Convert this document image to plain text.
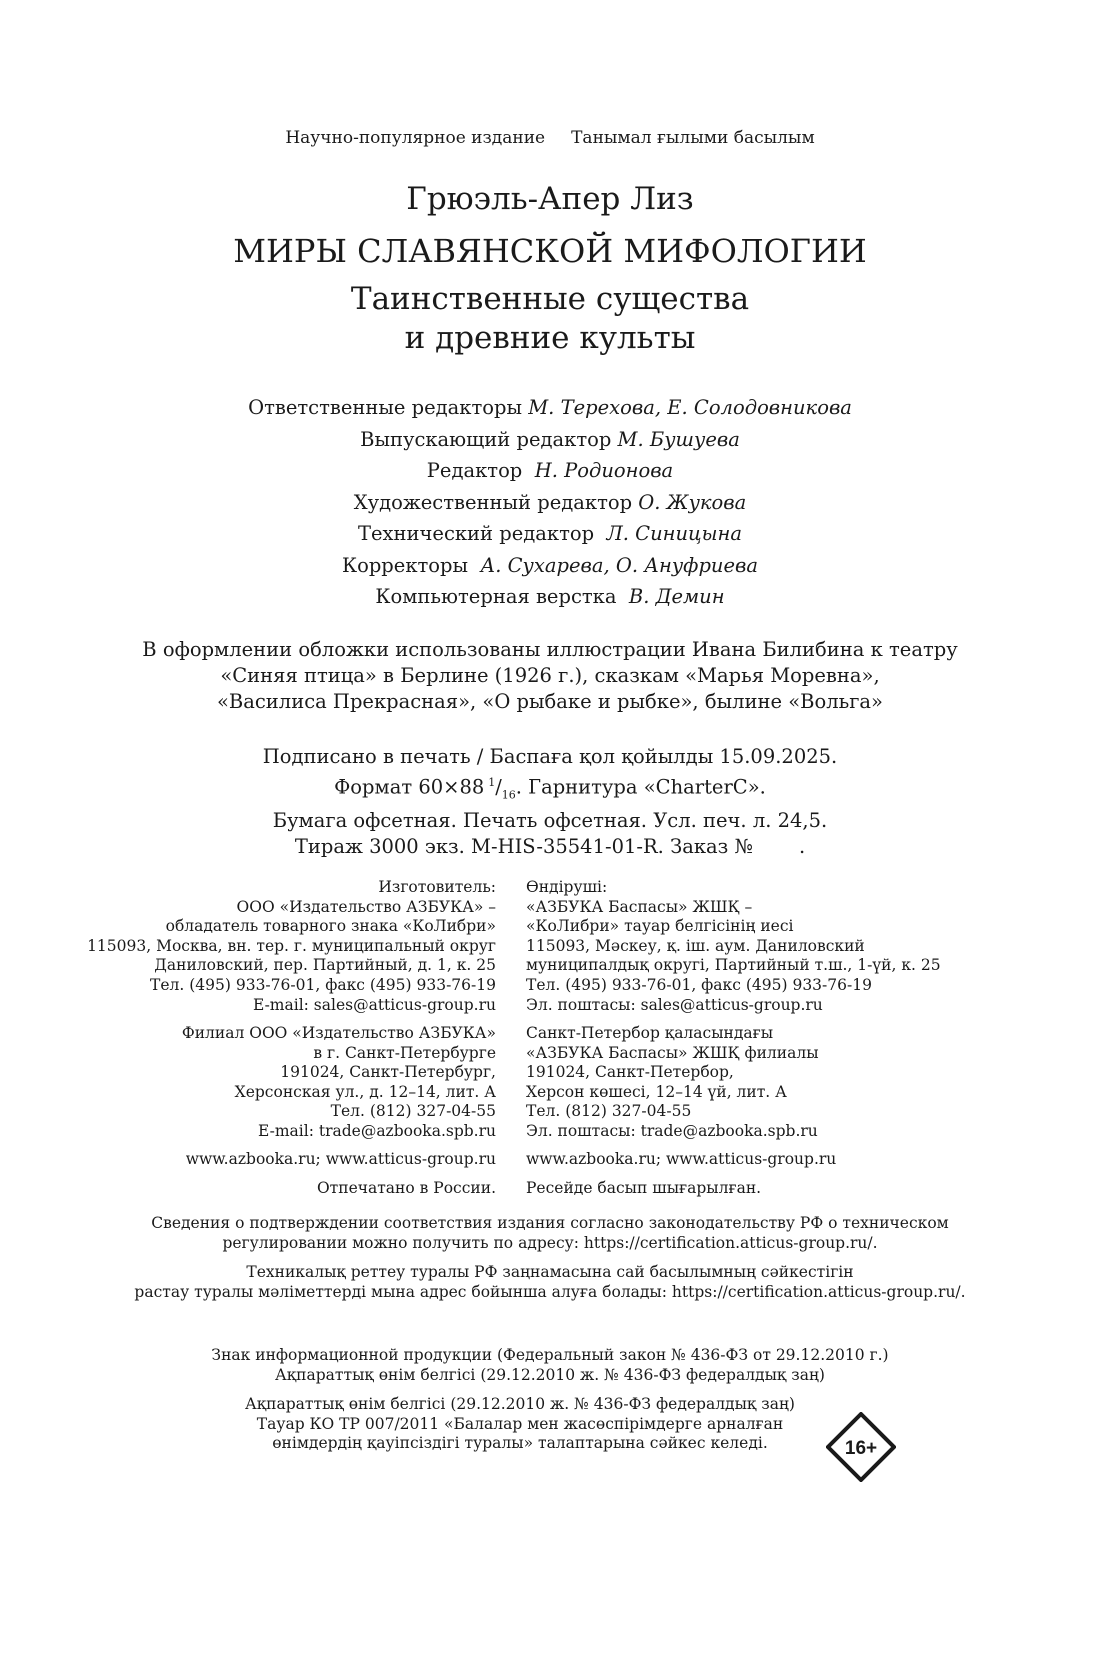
Научно-популярное издание Танымал ғылыми басылым
Грюэль-Апер Лиз
МИРЫ СЛАВЯНСКОЙ МИФОЛОГИИ
Таинственные существа
и древние культы
Ответственные редакторы М. Терехова, Е. Солодовникова
Выпускающий редактор М. Бушуева
Редактор Н. Родионова
Художественный редактор О. Жукова
Технический редактор Л. Синицына
Корректоры А. Сухарева, О. Ануфриева
Компьютерная верстка В. Демин
В оформлении обложки использованы иллюстрации Ивана Билибина к театру
«Синяя птица» в Берлине (1926 г.), сказкам «Марья Моревна»,
«Василиса Прекрасная», «О рыбаке и рыбке», былине «Вольга»
Подписано в печать / Баспаға қол қойылды 15.09.2025.
Формат 60×88  $^1/_{16}$. Гарнитура «CharterC».
Бумага офсетная. Печать офсетная. Усл. печ. л. 24,5.
Тираж 3000 экз. M-HIS-35541-01-R. Заказ № .
Изготовитель:
ООО «Издательство АЗБУКА» –
обладатель товарного знака «КоЛибри»
115093, Москва, вн. тер. г. муниципальный округ
Даниловский, пер. Партийный, д. 1, к. 25
Тел. (495) 933-76-01, факс (495) 933-76-19
E-mail: sales@atticus-group.ru
Өндіруші:
«АЗБУКА Баспасы» ЖШҚ –
«КоЛибри» тауар белгісінің иесі
115093, Мәскеу, қ. іш. аум. Даниловский
муниципалдық округі, Партийный т.ш., 1-үй, к. 25
Тел. (495) 933-76-01, факс (495) 933-76-19
Эл. поштасы: sales@atticus-group.ru
Филиал ООО «Издательство АЗБУКА»
в г. Санкт-Петербурге
191024, Санкт-Петербург,
Херсонская ул., д. 12–14, лит. А
Тел. (812) 327-04-55
E-mail: trade@azbooka.spb.ru
Санкт-Петербор қаласындағы
«АЗБУКА Баспасы» ЖШҚ филиалы
191024, Санкт-Петербор,
Херсон көшесі, 12–14 үй, лит. А
Тел. (812) 327-04-55
Эл. поштасы: trade@azbooka.spb.ru
www.azbooka.ru; www.atticus-group.ru www.azbooka.ru; www.atticus-group.ru
Отпечатано в России. Ресейде басып шығарылған.
Сведения о подтверждении соответствия издания согласно законодательству РФ о техническом
регулировании можно получить по адресу: https://certification.atticus-group.ru/.
Техникалық реттеу туралы РФ заңнамасына сай басылымның сәйкестігін
растау туралы мәліметтерді мына адрес бойынша алуға болады: https://certification.atticus-group.ru/.
Знак информационной продукции (Федеральный закон № 436-ФЗ от 29.12.2010 г.)
Ақпараттық өнім белгісі (29.12.2010 ж. № 436-ФЗ федералдық заң)
Ақпараттық өнім белгісі (29.12.2010 ж. № 436-ФЗ федералдық заң)
Тауар КО ТР 007/2011 «Балалар мен жасөспірімдерге арналған
өнімдердің қауіпсіздігі туралы» талаптарына сәйкес келеді.	16+
